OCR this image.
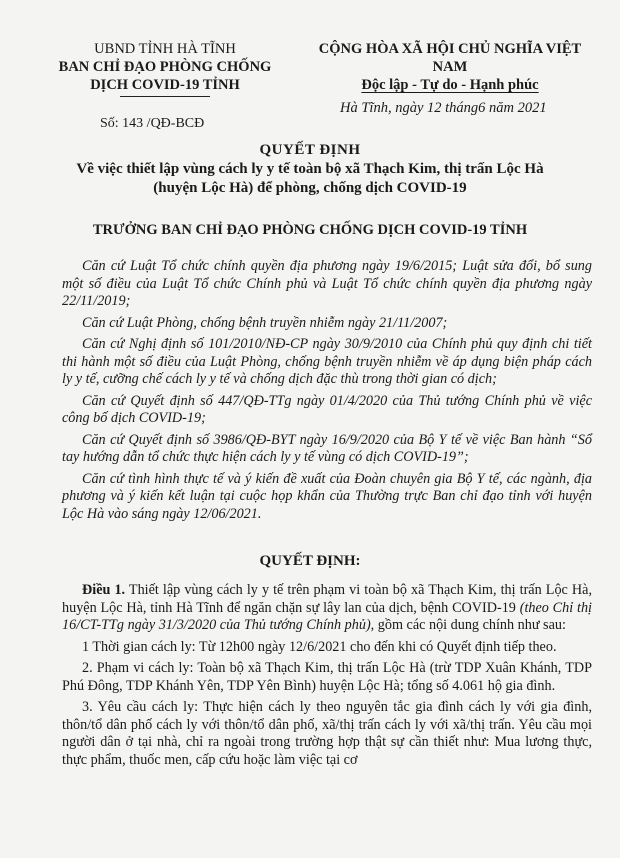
UBND TỈNH HÀ TĨNH
BAN CHỈ ĐẠO PHÒNG CHỐNG
DỊCH COVID-19 TỈNH
CỘNG HÒA XÃ HỘI CHỦ NGHĨA VIỆT NAM
Độc lập - Tự do - Hạnh phúc
Số: 143 /QĐ-BCĐ
Hà Tĩnh, ngày 12 tháng6 năm 2021
QUYẾT ĐỊNH
Về việc thiết lập vùng cách ly y tế toàn bộ xã Thạch Kim, thị trấn Lộc Hà
(huyện Lộc Hà) để phòng, chống dịch COVID-19
TRƯỞNG BAN CHỈ ĐẠO PHÒNG CHỐNG DỊCH COVID-19 TỈNH

Căn cứ Luật Tổ chức chính quyền địa phương ngày 19/6/2015; Luật sửa đổi, bổ sung một số điều của Luật Tổ chức Chính phủ và Luật Tổ chức chính quyền địa phương ngày 22/11/2019;

Căn cứ Luật Phòng, chống bệnh truyền nhiễm ngày 21/11/2007;

Căn cứ Nghị định số 101/2010/NĐ-CP ngày 30/9/2010 của Chính phủ quy định chi tiết thi hành một số điều của Luật Phòng, chống bệnh truyền nhiễm về áp dụng biện pháp cách ly y tế, cưỡng chế cách ly y tế và chống dịch đặc thù trong thời gian có dịch;

Căn cứ Quyết định số 447/QĐ-TTg ngày 01/4/2020 của Thủ tướng Chính phủ về việc công bố dịch COVID-19;

Căn cứ Quyết định số 3986/QĐ-BYT ngày 16/9/2020 của Bộ Y tế về việc Ban hành “Sổ tay hướng dẫn tổ chức thực hiện cách ly y tế vùng có dịch COVID-19”;

Căn cứ tình hình thực tế và ý kiến đề xuất của Đoàn chuyên gia Bộ Y tế, các ngành, địa phương và ý kiến kết luận tại cuộc họp khẩn của Thường trực Ban chỉ đạo tỉnh với huyện Lộc Hà vào sáng ngày 12/06/2021.

QUYẾT ĐỊNH:

Điều 1. Thiết lập vùng cách ly y tế trên phạm vi toàn bộ xã Thạch Kim, thị trấn Lộc Hà, huyện Lộc Hà, tỉnh Hà Tĩnh để ngăn chặn sự lây lan của dịch, bệnh COVID-19 (theo Chỉ thị 16/CT-TTg ngày 31/3/2020 của Thủ tướng Chính phủ), gồm các nội dung chính như sau:

1 Thời gian cách ly: Từ 12h00 ngày 12/6/2021 cho đến khi có Quyết định tiếp theo.

2. Phạm vi cách ly: Toàn bộ xã Thạch Kim, thị trấn Lộc Hà (trừ TDP Xuân Khánh, TDP Phú Đông, TDP Khánh Yên, TDP Yên Bình) huyện Lộc Hà; tổng số 4.061 hộ gia đình.

3. Yêu cầu cách ly: Thực hiện cách ly theo nguyên tắc gia đình cách ly với gia đình, thôn/tổ dân phố cách ly với thôn/tổ dân phố, xã/thị trấn cách ly với xã/thị trấn. Yêu cầu mọi người dân ở tại nhà, chỉ ra ngoài trong trường hợp thật sự cần thiết như: Mua lương thực, thực phẩm, thuốc men, cấp cứu hoặc làm việc tại cơ
